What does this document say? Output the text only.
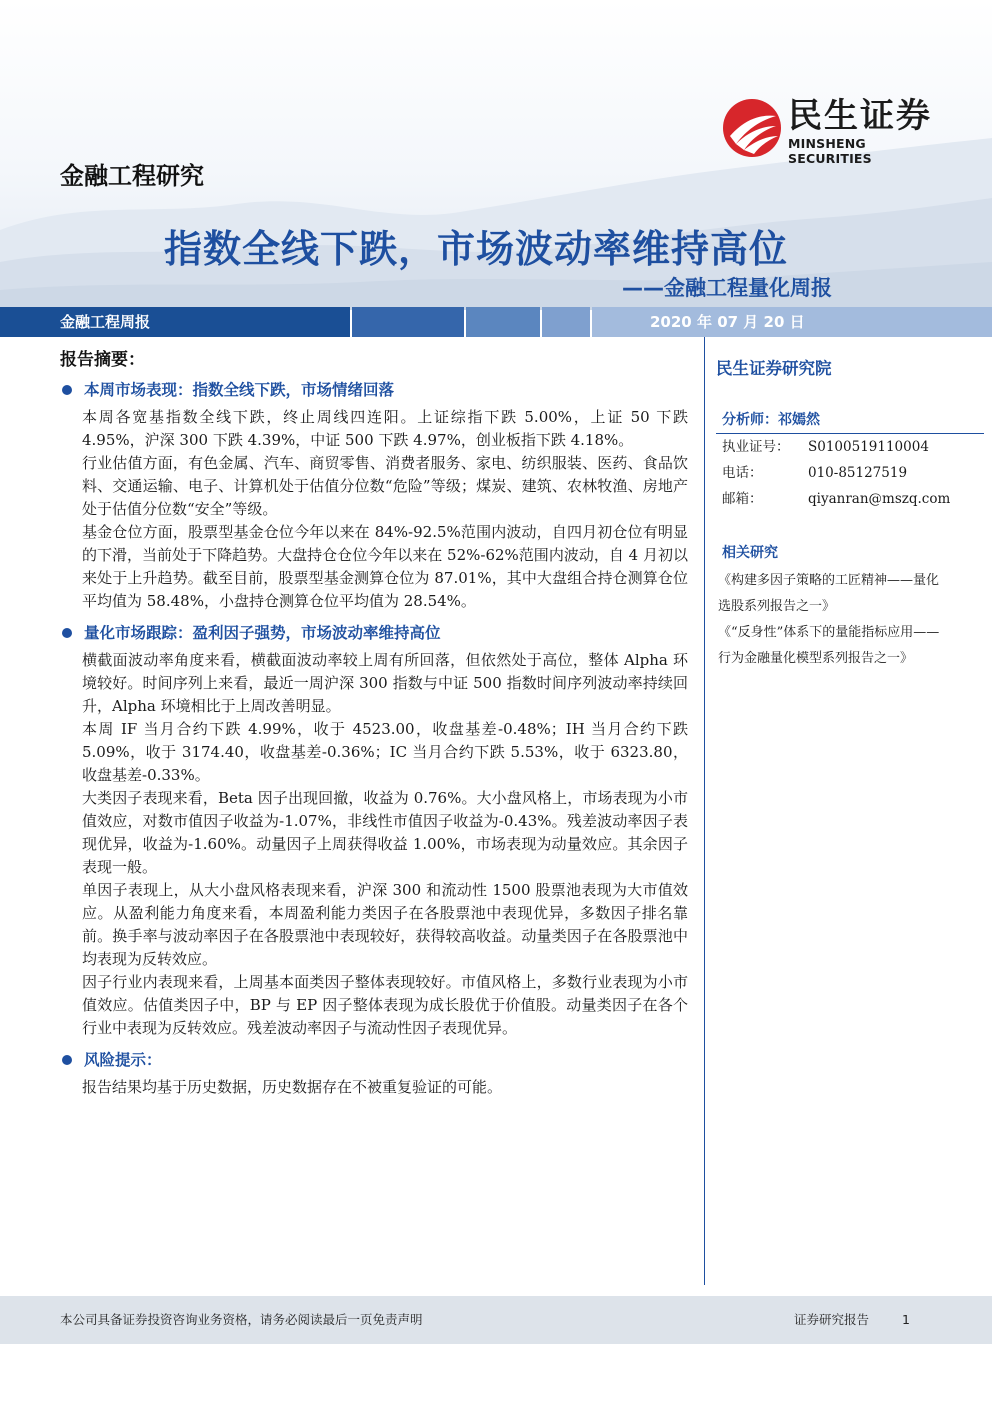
民生证券
MINSHENG SECURITIES
金融工程研究
指数全线下跌，市场波动率维持高位
——金融工程量化周报
金融工程周报	2020 年 07 月 20 日
报告摘要：
本周市场表现：指数全线下跌，市场情绪回落

本周各宽基指数全线下跌，终止周线四连阳。上证综指下跌 5.00%，上证 50 下跌 4.95%，沪深 300 下跌 4.39%，中证 500 下跌 4.97%，创业板指下跌 4.18%。

行业估值方面，有色金属、汽车、商贸零售、消费者服务、家电、纺织服装、医药、食品饮料、交通运输、电子、计算机处于估值分位数“危险”等级；煤炭、建筑、农林牧渔、房地产处于估值分位数“安全”等级。

基金仓位方面，股票型基金仓位今年以来在 84%-92.5%范围内波动，自四月初仓位有明显的下滑，当前处于下降趋势。大盘持仓仓位今年以来在 52%-62%范围内波动，自 4 月初以来处于上升趋势。截至目前，股票型基金测算仓位为 87.01%，其中大盘组合持仓测算仓位平均值为 58.48%，小盘持仓测算仓位平均值为 28.54%。

量化市场跟踪：盈利因子强势，市场波动率维持高位

横截面波动率角度来看，横截面波动率较上周有所回落，但依然处于高位，整体 Alpha 环境较好。时间序列上来看，最近一周沪深 300 指数与中证 500 指数时间序列波动率持续回升，Alpha 环境相比于上周改善明显。

本周 IF 当月合约下跌 4.99%，收于 4523.00，收盘基差-0.48%；IH 当月合约下跌 5.09%，收于 3174.40，收盘基差-0.36%；IC 当月合约下跌 5.53%，收于 6323.80，收盘基差-0.33%。

大类因子表现来看，Beta 因子出现回撤，收益为 0.76%。大小盘风格上，市场表现为小市值效应，对数市值因子收益为-1.07%，非线性市值因子收益为-0.43%。残差波动率因子表现优异，收益为-1.60%。动量因子上周获得收益 1.00%，市场表现为动量效应。其余因子表现一般。

单因子表现上，从大小盘风格表现来看，沪深 300 和流动性 1500 股票池表现为大市值效应。从盈利能力角度来看，本周盈利能力类因子在各股票池中表现优异，多数因子排名靠前。换手率与波动率因子在各股票池中表现较好，获得较高收益。动量类因子在各股票池中均表现为反转效应。

因子行业内表现来看，上周基本面类因子整体表现较好。市值风格上，多数行业表现为小市值效应。估值类因子中，BP 与 EP 因子整体表现为成长股优于价值股。动量类因子在各个行业中表现为反转效应。残差波动率因子与流动性因子表现优异。

风险提示：

报告结果均基于历史数据，历史数据存在不被重复验证的可能。

民生证券研究院
分析师：祁嫣然
执业证号：	S0100519110004
电话：	010-85127519
邮箱：	qiyanran@mszq.com
相关研究
《构建多因子策略的工匠精神——量化
选股系列报告之一》
《“反身性”体系下的量能指标应用——
行为金融量化模型系列报告之一》
本公司具备证券投资咨询业务资格，请务必阅读最后一页免责声明	证券研究报告	1
